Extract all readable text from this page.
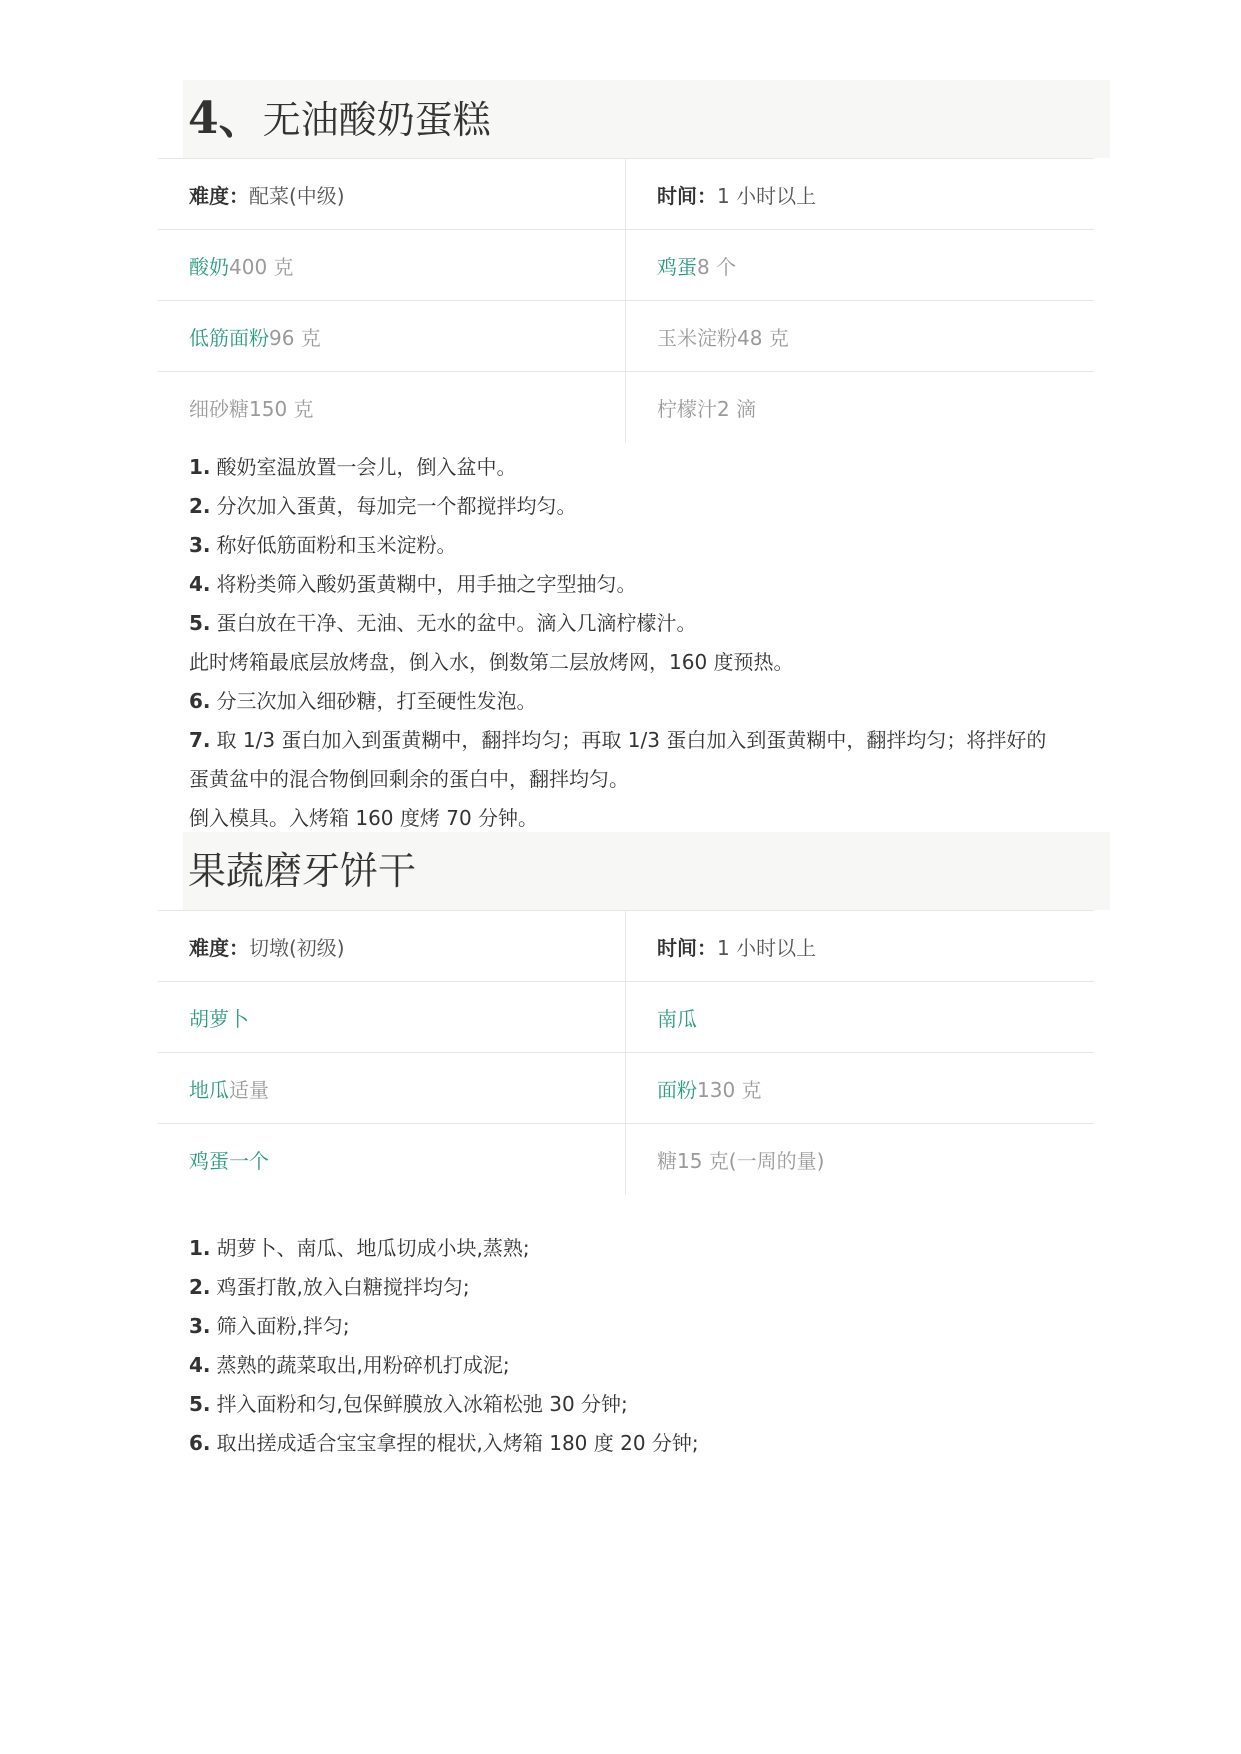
4、无油酸奶蛋糕
难度： 配菜(中级)	时间： 1 小时以上
酸奶 400 克	鸡蛋 8 个
低筋面粉 96 克	玉米淀粉 48 克
细砂糖 150 克	柠檬汁 2 滴
1. 酸奶室温放置一会儿，倒入盆中。
2. 分次加入蛋黄，每加完一个都搅拌均匀。
3. 称好低筋面粉和玉米淀粉。
4. 将粉类筛入酸奶蛋黄糊中，用手抽之字型抽匀。
5. 蛋白放在干净、无油、无水的盆中。滴入几滴柠檬汁。
此时烤箱最底层放烤盘，倒入水，倒数第二层放烤网，160 度预热。
6. 分三次加入细砂糖，打至硬性发泡。
7. 取 1/3 蛋白加入到蛋黄糊中，翻拌均匀；再取 1/3 蛋白加入到蛋黄糊中，翻拌均匀；将拌好的
蛋黄盆中的混合物倒回剩余的蛋白中，翻拌均匀。
倒入模具。入烤箱 160 度烤 70 分钟。
果蔬磨牙饼干
难度： 切墩(初级)	时间： 1 小时以上
胡萝卜	南瓜
地瓜 适量	面粉 130 克
鸡蛋 一个	糖 15 克(一周的量)
1. 胡萝卜、南瓜、地瓜切成小块,蒸熟;
2. 鸡蛋打散,放入白糖搅拌均匀;
3. 筛入面粉,拌匀;
4. 蒸熟的蔬菜取出,用粉碎机打成泥;
5. 拌入面粉和匀,包保鲜膜放入冰箱松弛 30 分钟;
6. 取出搓成适合宝宝拿捏的棍状,入烤箱 180 度 20 分钟;
